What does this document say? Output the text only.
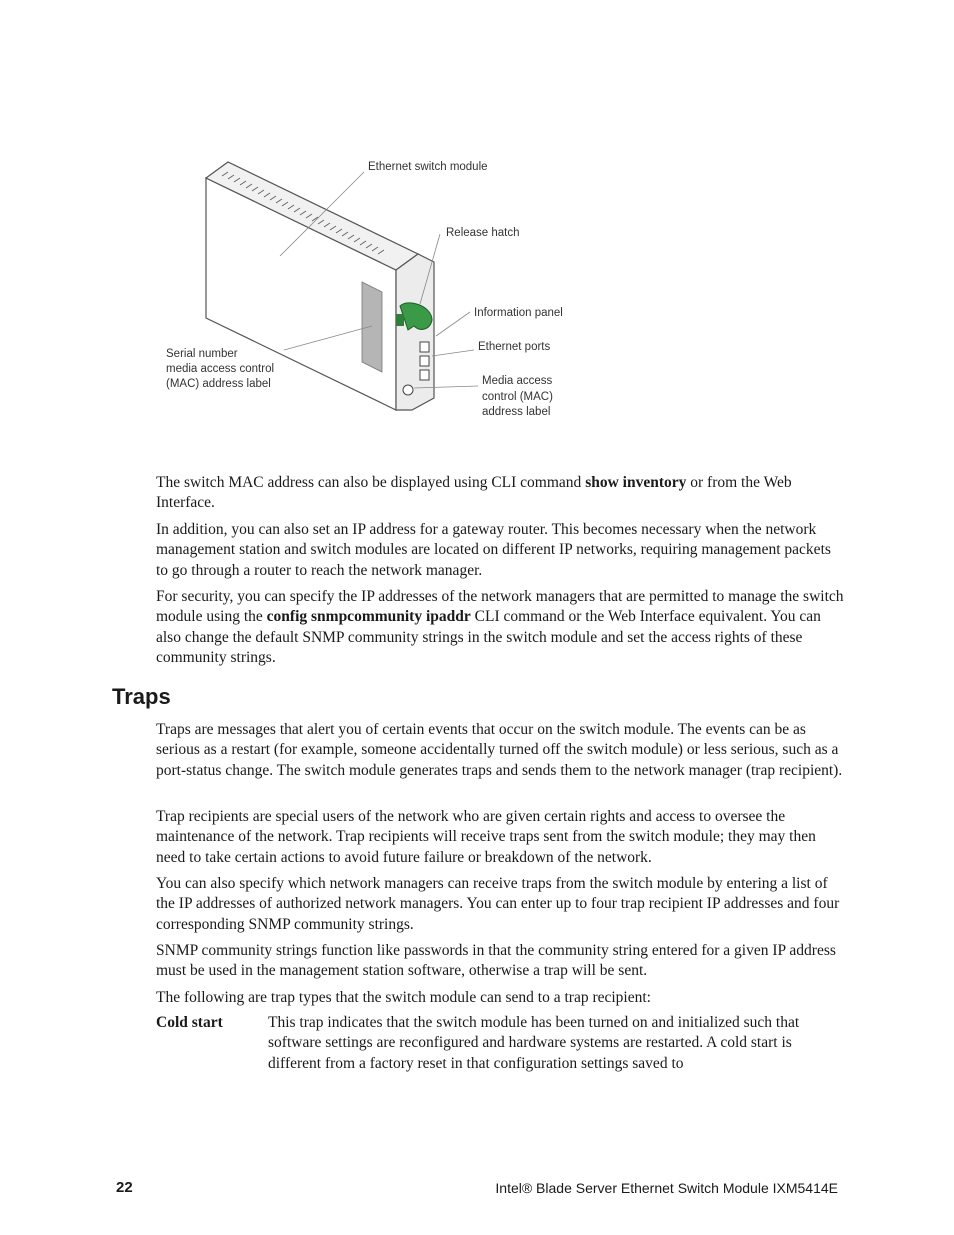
Ethernet switch module
Release hatch
Information panel
Ethernet ports
Media access
control (MAC)
address label
Serial number
media access control
(MAC) address label

The switch MAC address can also be displayed using CLI command show inventory or from the Web Interface.

In addition, you can also set an IP address for a gateway router. This becomes necessary when the network management station and switch modules are located on different IP networks, requiring management packets to go through a router to reach the network manager.

For security, you can specify the IP addresses of the network managers that are permitted to manage the switch module using the config snmpcommunity ipaddr CLI command or the Web Interface equivalent. You can also change the default SNMP community strings in the switch module and set the access rights of these community strings.

Traps

Traps are messages that alert you of certain events that occur on the switch module. The events can be as serious as a restart (for example, someone accidentally turned off the switch module) or less serious, such as a port-status change. The switch module generates traps and sends them to the network manager (trap recipient).

Trap recipients are special users of the network who are given certain rights and access to oversee the maintenance of the network. Trap recipients will receive traps sent from the switch module; they may then need to take certain actions to avoid future failure or breakdown of the network.

You can also specify which network managers can receive traps from the switch module by entering a list of the IP addresses of authorized network managers. You can enter up to four trap recipient IP addresses and four corresponding SNMP community strings.

SNMP community strings function like passwords in that the community string entered for a given IP address must be used in the management station software, otherwise a trap will be sent.

The following are trap types that the switch module can send to a trap recipient:

Cold start	This trap indicates that the switch module has been turned on and initialized such that software settings are reconfigured and hardware systems are restarted. A cold start is different from a factory reset in that configuration settings saved to

22	Intel® Blade Server Ethernet Switch Module IXM5414E
